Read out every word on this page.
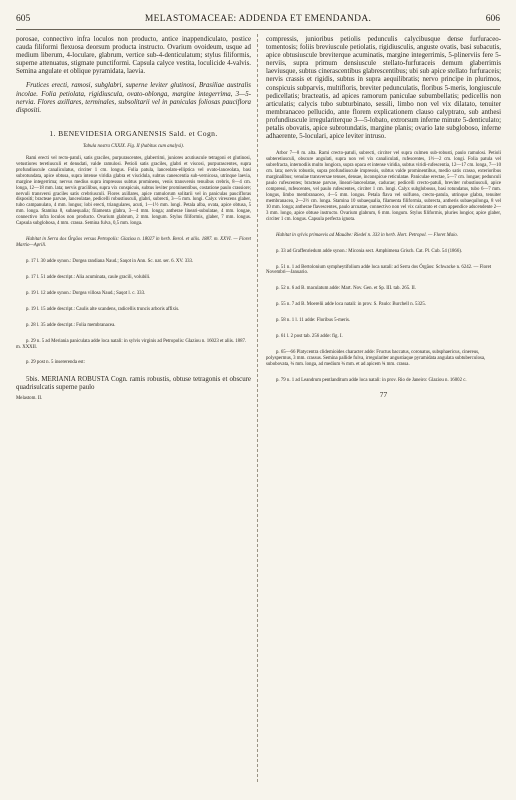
605	MELASTOMACEAE: ADDENDA ET EMENDANDA.	606

porosae, connectivo infra loculos non producto, antice inappendiculato, postice cauda filiformi flexuosa deorsum producta instructo. Ovarium ovoideum, usque ad medium liberum, 4-loculare, glabrum, vertice sub-4-denticulatum; stylus filiformis, superne attenuatus, stigmate punctiformi. Capsula calyce vestita, loculicide 4-valvis. Semina angulate et oblique pyramidata, laevia.

Frutices erecti, ramosi, subglabri, superne leviter glutinosi, Brasiliae australis incolae. Folia petiolata, rigidiuscula, ovato-oblonga, margine integerrima, 3—5-nervia. Flores axillares, terminales, subsolitarii vel in paniculas foliosas pauciflora dispositi.

1. BENEVIDESIA ORGANENSIS Sald. et Cogn.

Tabula nostra CXXIX. Fig. II (habitus cum analysi).

Rami erecti vel recto-patuli, satis graciles, purpurascentes, glaberrimi, juniores acutiuscule tetragoni et glutinosi, vetustiores teretiusculi et denudati, valde ramulosi. Petioli satis graciles, glabri et viscosi, purpurascentes, supra profundiuscule canaliculatus, circiter 1 cm. longus. Folia patula, lanceolato-elliptica vel ovato-lanceolata, basi subrotundata, apice obtusa, supra intense viridia glabra et viscidula, subtus canescentia sub-vernicosa, utrinque laevia, margine integerrima; nervus medius supra impressus subtus prominens, venis transversis tenuibus crebris, 8—4 cm. longa, 12—18 mm. lata; nervis gracilibus, supra vix conspicuis, subtus leviter prominentibus, costatione paulo crassiore; nervuli transversi graciles satis crebriusculi. Flores axillares, apice ramulorum solitarii vel in paniculas paucifloras dispositi; bracteae parvae, lanceolatae, pedicelli robustiusculi, glabri, subrecti, 3—5 mm. longi. Calyx virescens glaber, tubo campanulato, 4 mm. longus; lobi erecti, triangulares, acuti, 1—1½ mm. longi. Petala alba, ovata, apice obtusa, 5 mm. longa. Stamina 8, subaequalia; filamenta glabra, 3—4 mm. longa; antherae lineari-subulatae, 4 mm. longae, connectivo infra loculos non producto. Ovarium glabrum, 2 mm. longum. Stylus filiformis, glaber, 7 mm. longus. Capsula subglobosa, 4 mm. crassa. Semina fulva, 0,5 mm. longa.

Habitat in Serra dos Órgãos versus Petropolis: Glaziou n. 18027 in herb. Berol. et aliis. 1887. m. XXVI. — Floret Martio—Aprili.

p. 17 l. 30 adde synon.: Dorgea randiana Naud.; Saqot in Ann. Sc. nat. ser. 6. XV. 333.

p. 17 l. 51 adde descript.: Alia acuminata, caule gracili, volubili.

p. 19 l. 12 adde synon.: Dorgea villosa Naud.; Saqot l. c. 333.

p. 19 l. 15 adde descript.: Caulis alte scandens, radicellis truncis arboris affixis.

p. 28 l. 35 adde descript.: Folia membranacea.

p. 29 n. 5 ad Meriania paniculata adde loca natali: in sylvis virginis ad Petropolis: Glaziou n. 16023 et aliis. 1887. m. XXXII.

p. 29 post n. 5 insererenda est:

5bis. MERIANIA ROBUSTA Cogn. ramis robustis, obtuse tetragonis et obscure quadrisulcatis superne paulo

Melastom. II.

compressis, junioribus petiolis pedunculis calycibusque dense furfuraceo-tomentosis; foliis breviuscule petiolatis, rigidiusculis, anguste ovatis, basi subacutis, apice obtusiuscule breviterque acuminatis, margine integerrimis, 5-plinerviis fere 5-nerviis, supra primum densiuscule stellato-furfuraceis demum glaberrimis laeviusque, subtus cinerascentibus glabrescentibus; ubi sub apice stellato furfuraceis; nervis crassis et rigidis, subtus in supra aequilibratis; nervo principe in plurimos, conspicuis subparvis, multifloris, breviter pedunculatis, floribus 5-meris, longiuscule pedicellatis; bracteatis, ad apices ramorum paniculae subumbellatis; pedicellis non articulatis; calycis tubo subturbinato, sessili, limbo non vel vix dilatato, tenuiter membranaceo pellucido, ante florem explicationem clauso calyptrato, sub anthesi profundiuscule irregulariterque 3—5-lobato, extrorsum inferne minute 5-denticulato; petalis obovatis, apice subrotundatis, margine planis; ovario late subgloboso, inferne adhaerente, 5-loculari, apice leviter intruso.

Arbor 7—8 m. alta. Rami crecto-patuli, subrecti, circiter vel supra culmen sub-robusti, paulo ramulosi. Petioli subteretiusculi, obscure angulati, supra non vel vix canaliculati, rufescentes, 1½—2 cm. longi. Folia patula vel subrefracta, internodiis multo longiora, supra opaca et intense viridia, subtus viridi-rufescentia, 12—17 cm. longa, 7—10 cm. lata; nervis robustis, supra profundiuscule impressis, subtus valde prominentibus, medio satis crasso, exterioribus marginalibus; venulae transversae tenues, densae, inconspicue reticulatae. Paniculae erectae, 5—7 cm. longae; pedunculi paulo rufescentes; bracteae parvae, lineari-lanceolatae, caducae; pedicelli crecto-patuli, breviter robustiusculi, apice compressi, rufescentes, vel paulo rufescentes, circiter 1 cm. longi. Calyx subglobosus, basi rotundatus, tubo 6—7 mm. longus, limbo membranaceo, 4—5 mm. longus. Petala flava vel sulfurea, crecto-patula, utrinque glabra, tenuiter membranacea, 2—2½ cm. longa. Stamina 10 subaequalia, filamenta filiformia, subrecta, antheris subaequilonga, 8 vel 10 mm. longa; antherae flavescentes, paulo arcuatae, connectivo non vel vix calcarato et cum appendice adscendente 2—3 mm. longo, apice obtuse instructo. Ovarium glabrum, 6 mm. longum. Stylus filiformis, pluries longior, apice glaber, circiter 1 cm. longus. Capsula perfecta ignota.

Habitat in sylvis primaevis ad Mauábe: Riedel n. 333 in herb. Hort. Petropol. — Floret Maio.

p. 33 ad Graffenriedum adde synon.: Miconia sect. Amphimena Grisch. Cat. Pl. Cub. 54 (1866).

p. 51 n. 1 ad Bertolonium sympheytifolium adde loca natali: ad Serra dos Órgãos: Schwacke n. 6242. — Floret Novembri—Januario.

p. 52 n. 6 ad B. maculatum adde: Mart. Nov. Gen. et Sp. III. tab. 265. II.

p. 55 n. 7 ad B. Moerelii adde loca natali: in prov. S. Paulo: Burchell n. 5325.

p. 58 n. 1 l. 11 adde: Floribus 5-meris.

p. 61 l. 2 post tab. 256 adde: fig. I.

p. 65—66 Platycentra clidemioides character adde: Fructus baccatus, coronatus, subsphaericus, cinereus, polyspermus, 3 mm. crassus. Semina pallide fulva, irregulariter angustiaque pyramidata angulata subtuberculosa, subobovata, ¾ mm. longa, ad medium ¾ mm. et ad apicem ¾ mm. crassa.

p. 79 n. 1 ad Leandrum pentlanditum adde loca natali: in prov. Rio de Janeiro: Glaziou n. 16002 c.

77
